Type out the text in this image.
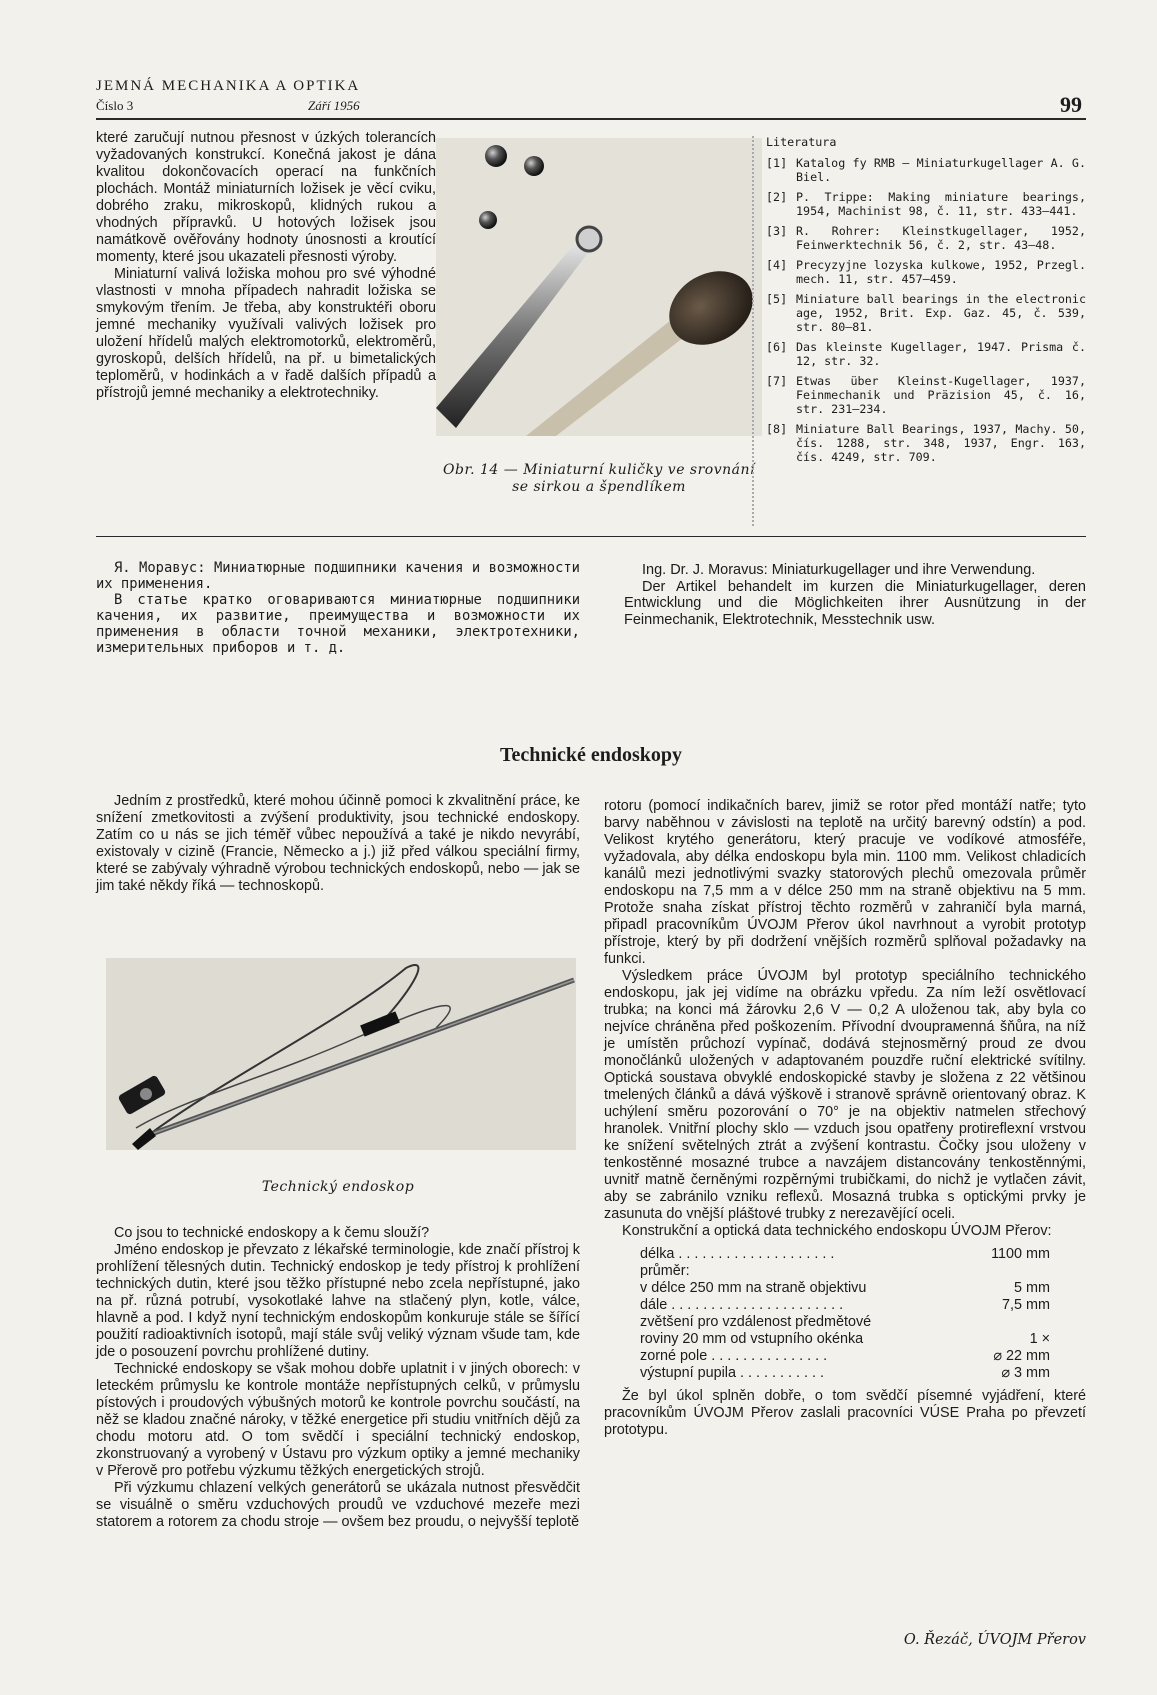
JEMNÁ MECHANIKA A OPTIKA
Číslo 3	Září 1956	99

které zaručují nutnou přesnost v úzkých tolerancích vyžadovaných konstrukcí. Konečná jakost je dána kvalitou dokončovacích operací na funkčních plochách. Montáž miniaturních ložisek je věcí cviku, dobrého zraku, mikroskopů, klidných rukou a vhodných přípravků. U hotových ložisek jsou namátkově ověřovány hodnoty únosnosti a kroutící momenty, které jsou ukazateli přesnosti výroby.

Miniaturní valivá ložiska mohou pro své výhodné vlastnosti v mnoha případech nahradit ložiska se smykovým třením. Je třeba, aby konstruktéři oboru jemné mechaniky využívali valivých ložisek pro uložení hřídelů malých elektromotorků, elektroměrů, gyroskopů, delších hřídelů, na př. u bimetalických teploměrů, v hodinkách a v řadě dalších případů a přístrojů jemné mechaniky a elektrotechniky.

Obr. 14 — Miniaturní kuličky ve srovnání se sirkou a špendlíkem
Literatura
[1] Katalog fy RMB — Miniaturkugellager A. G. Biel.
[2] P. Trippe: Making miniature bearings, 1954, Machinist 98, č. 11, str. 433—441.
[3] R. Rohrer: Kleinstkugellager, 1952, Feinwerktechnik 56, č. 2, str. 43—48.
[4] Precyzyjne lozyska kulkowe, 1952, Przegl. mech. 11, str. 457—459.
[5] Miniature ball bearings in the electronic age, 1952, Brit. Exp. Gaz. 45, č. 539, str. 80—81.
[6] Das kleinste Kugellager, 1947. Prisma č. 12, str. 32.
[7] Etwas über Kleinst-Kugellager, 1937, Feinmechanik und Präzision 45, č. 16, str. 231—234.
[8] Miniature Ball Bearings, 1937, Machy. 50, čís. 1288, str. 348, 1937, Engr. 163, čís. 4249, str. 709.

Я. Моравус: Миниатюрные подшипники качения и возможности их применения.

В статье кратко оговариваются миниатюрные подшипники качения, их развитие, преимущества и возможности их применения в области точной механики, электротехники, измерительных приборов и т. д.

Ing. Dr. J. Moravus: Miniaturkugellager und ihre Verwendung.

Der Artikel behandelt im kurzen die Miniaturkugellager, deren Entwicklung und die Möglichkeiten ihrer Ausnützung in der Feinmechanik, Elektrotechnik, Messtechnik usw.

Technické endoskopy

Jedním z prostředků, které mohou účinně pomoci k zkvalitnění práce, ke snížení zmetkovitosti a zvýšení produktivity, jsou technické endoskopy. Zatím co u nás se jich téměř vůbec nepoužívá a také je nikdo nevyrábí, existovaly v cizině (Francie, Německo a j.) již před válkou speciální firmy, které se zabývaly výhradně výrobou technických endoskopů, nebo — jak se jim také někdy říká — technoskopů.

Technický endoskop

Co jsou to technické endoskopy a k čemu slouží?

Jméno endoskop je převzato z lékařské terminologie, kde značí přístroj k prohlížení tělesných dutin. Technický endoskop je tedy přístroj k prohlížení technických dutin, které jsou těžko přístupné nebo zcela nepřístupné, jako na př. různá potrubí, vysokotlaké lahve na stlačený plyn, kotle, válce, hlavně a pod. I když nyní technickým endoskopům konkuruje stále se šířící použití radioaktivních isotopů, mají stále svůj veliký význam všude tam, kde jde o posouzení povrchu prohlížené dutiny.

Technické endoskopy se však mohou dobře uplatnit i v jiných oborech: v leteckém průmyslu ke kontrole montáže nepřístupných celků, v průmyslu pístových i proudových výbušných motorů ke kontrole povrchu součástí, na něž se kladou značné nároky, v těžké energetice při studiu vnitřních dějů za chodu motoru atd. O tom svědčí i speciální technický endoskop, zkonstruovaný a vyrobený v Ústavu pro výzkum optiky a jemné mechaniky v Přerově pro potřebu výzkumu těžkých energetických strojů.

Při výzkumu chlazení velkých generátorů se ukázala nutnost přesvědčit se visuálně o směru vzduchových proudů ve vzduchové mezeře mezi statorem a rotorem za chodu stroje — ovšem bez proudu, o nejvyšší teplotě

rotoru (pomocí indikačních barev, jimiž se rotor před montáží natře; tyto barvy naběhnou v závislosti na teplotě na určitý barevný odstín) a pod. Velikost krytého generátoru, který pracuje ve vodíkové atmosféře, vyžadovala, aby délka endoskopu byla min. 1100 mm. Velikost chladicích kanálů mezi jednotlivými svazky statorových plechů omezovala průměr endoskopu na 7,5 mm a v délce 250 mm na straně objektivu na 5 mm. Protože snaha získat přístroj těchto rozměrů v zahraničí byla marná, připadl pracovníkům ÚVOJM Přerov úkol navrhnout a vyrobit prototyp přístroje, který by při dodržení vnějších rozměrů splňoval požadavky na funkci.

Výsledkem práce ÚVOJM byl prototyp speciálního technického endoskopu, jak jej vidíme na obrázku vpředu. Za ním leží osvětlovací trubka; na konci má žárovku 2,6 V — 0,2 A uloženou tak, aby byla co nejvíce chráněna před poškozením. Přívodní dvouprамenná šňůra, na níž je umístěn průchozí vypínač, dodává stejnosměrný proud ze dvou monočlánků uložených v adaptovaném pouzdře ruční elektrické svítilny. Optická soustava obvyklé endoskopické stavby je složena z 22 většinou tmelených článků a dává výškově i stranově správně orientovaný obraz. K uchýlení směru pozorování o 70° je na objektiv natmelen střechový hranolek. Vnitřní plochy sklo — vzduch jsou opatřeny protireflexní vrstvou ke snížení světelných ztrát a zvýšení kontrastu. Čočky jsou uloženy v tenkostěnné mosazné trubce a navzájem distancovány tenkostěnnými, uvnitř matně černěnými rozpěrnými trubičkami, do nichž je vytlačen závit, aby se zabránilo vzniku reflexů. Mosazná trubka s optickými prvky je zasunuta do vnější pláštové trubky z nerezavějící oceli.

Konstrukční a optická data technického endoskopu ÚVOJM Přerov:

délka . . . . . . . . . . . . . . . . . . . .	1100 mm
průměr:
v délce 250 mm na straně objektivu	5 mm
dále . . . . . . . . . . . . . . . . . . . . . .	7,5 mm
zvětšení pro vzdálenost předmětové
roviny 20 mm od vstupního okénka	1 ×
zorné pole . . . . . . . . . . . . . . .	⌀ 22 mm
výstupní pupila . . . . . . . . . . .	⌀ 3 mm

Že byl úkol splněn dobře, o tom svědčí písemné vyjádření, které pracovníkům ÚVOJM Přerov zaslali pracovníci VÚSE Praha po převzetí prototypu.

O. Řezáč, ÚVOJM Přerov
